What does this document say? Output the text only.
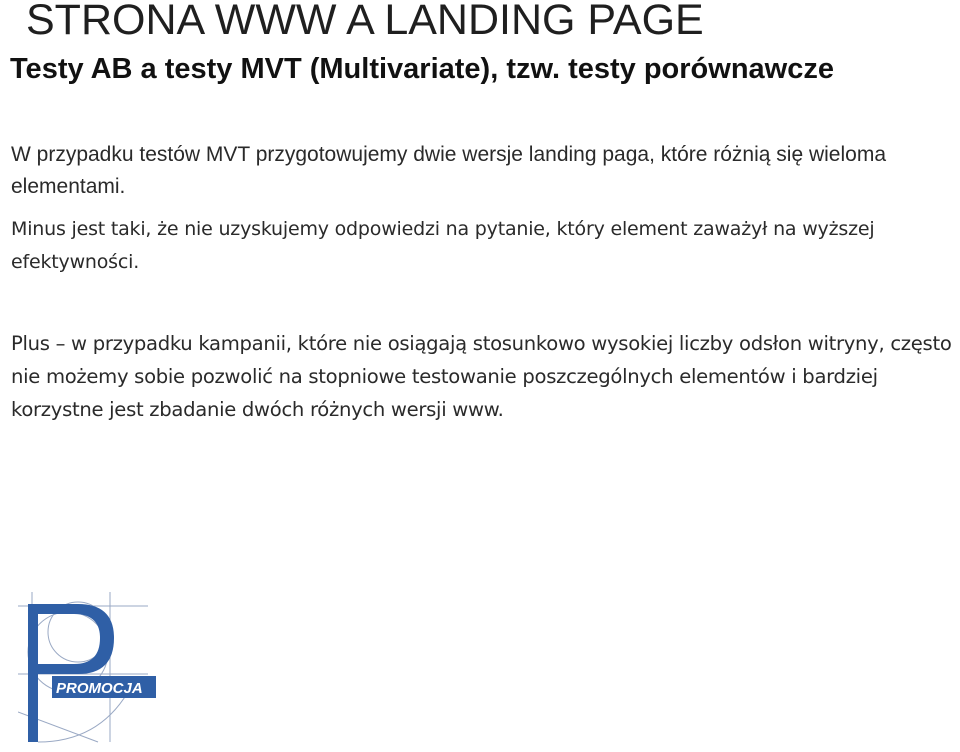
STRONA WWW A LANDING PAGE
Testy AB a testy MVT (Multivariate), tzw. testy porównawcze

W przypadku testów MVT przygotowujemy dwie wersje landing paga, które różnią się wieloma elementami.

Minus jest taki, że nie uzyskujemy odpowiedzi na pytanie, który element zaważył na wyższej efektywności.

Plus – w przypadku kampanii, które nie osiągają stosunkowo wysokiej liczby odsłon witryny, często nie możemy sobie pozwolić na stopniowe testowanie poszczególnych elementów i bardziej korzystne jest zbadanie dwóch różnych wersji www.

PROMOCJA
